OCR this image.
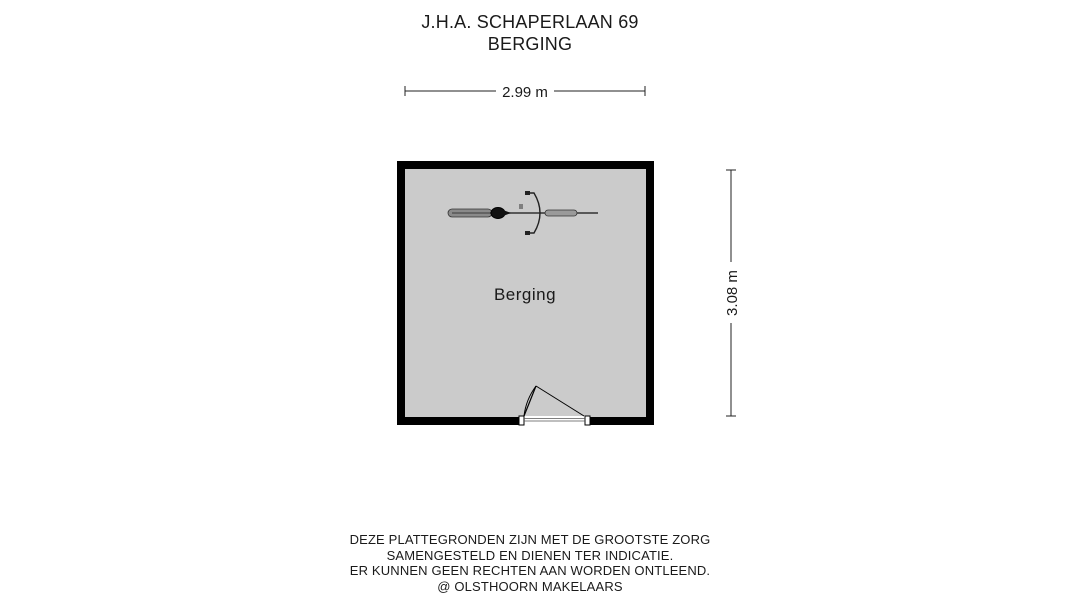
J.H.A. SCHAPERLAAN 69
BERGING
2.99 m
3.08 m
Berging
DEZE PLATTEGRONDEN ZIJN MET DE GROOTSTE ZORG
SAMENGESTELD EN DIENEN TER INDICATIE.
ER KUNNEN GEEN RECHTEN AAN WORDEN ONTLEEND.
@ OLSTHOORN MAKELAARS
